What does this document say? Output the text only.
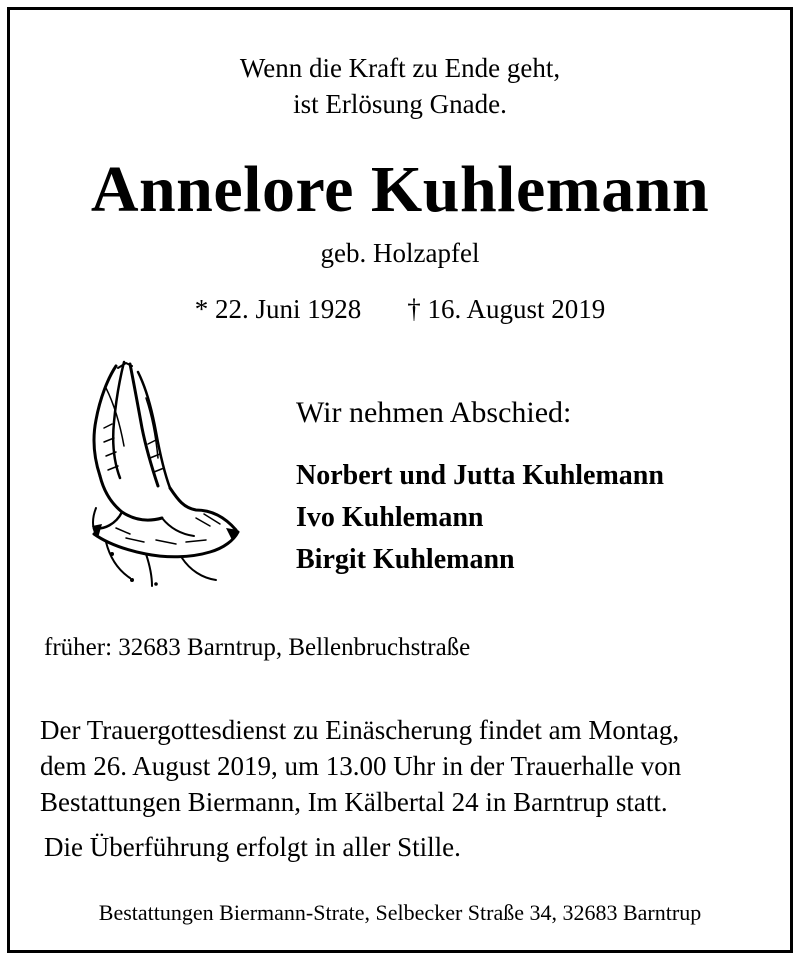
Wenn die Kraft zu Ende geht,
ist Erlösung Gnade.
Annelore Kuhlemann
geb. Holzapfel
* 22. Juni 1928 † 16. August 2019
Wir nehmen Abschied:
Norbert und Jutta Kuhlemann
Ivo Kuhlemann
Birgit Kuhlemann
früher: 32683 Barntrup, Bellenbruchstraße
Der Trauergottesdienst zu Einäscherung findet am Montag,
dem 26. August 2019, um 13.00 Uhr in der Trauerhalle von
Bestattungen Biermann, Im Kälbertal 24 in Barntrup statt.
Die Überführung erfolgt in aller Stille.
Bestattungen Biermann-Strate, Selbecker Straße 34, 32683 Barntrup
